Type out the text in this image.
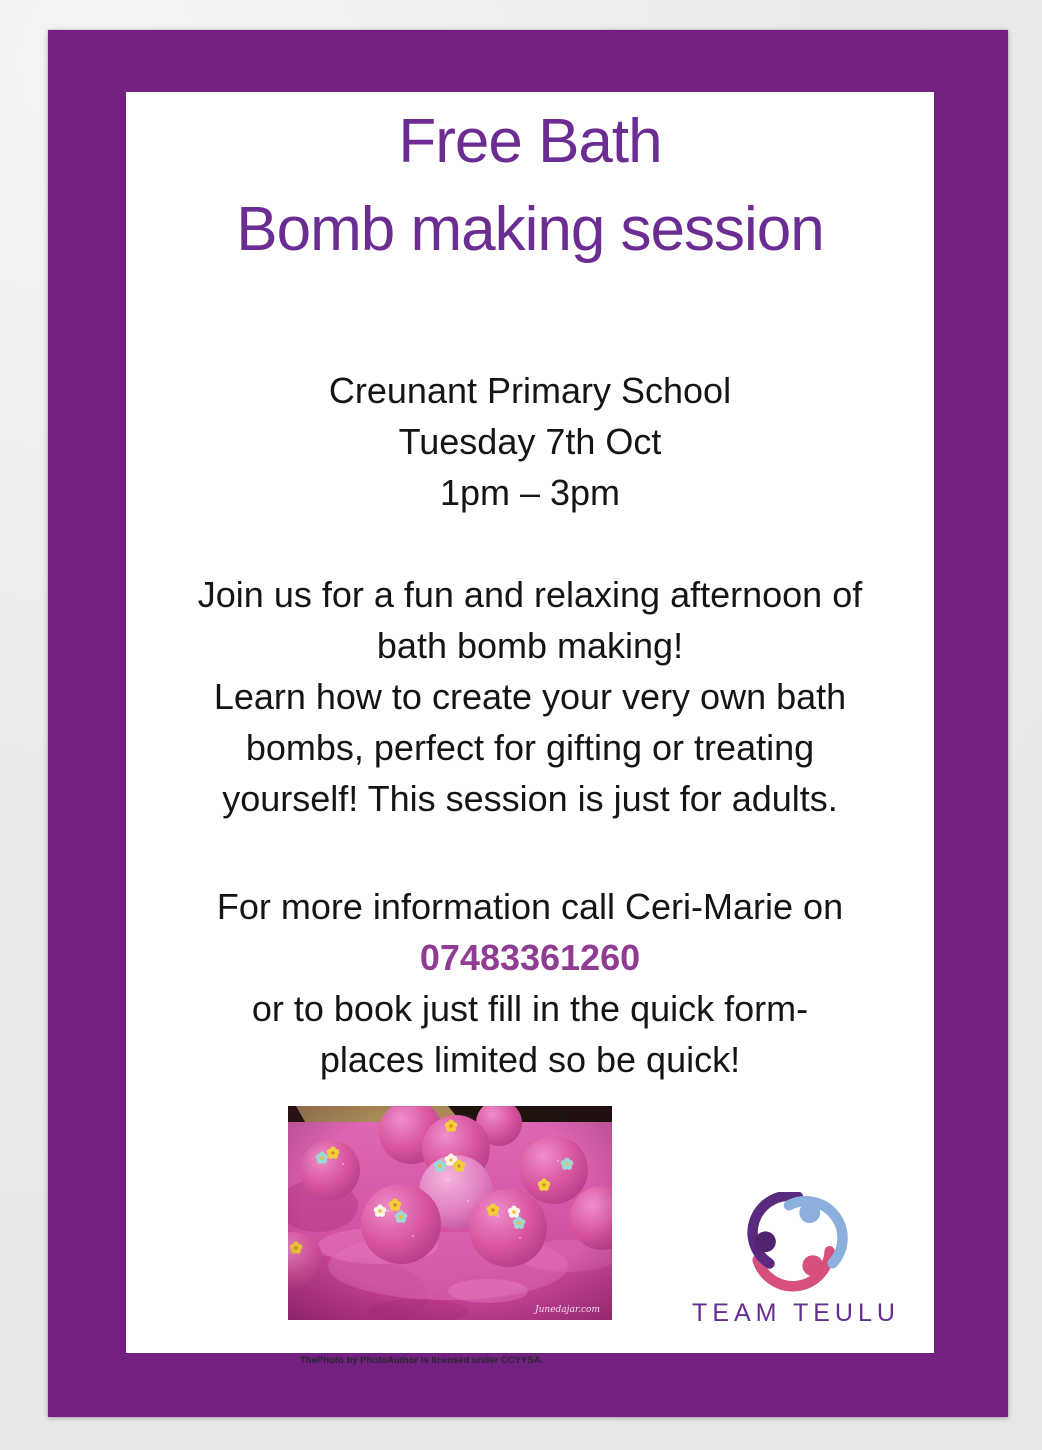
Free Bath
Bomb making session
Creunant Primary School
Tuesday 7th Oct
1pm – 3pm
Join us for a fun and relaxing afternoon of
bath bomb making!
Learn how to create your very own bath
bombs, perfect for gifting or treating
yourself! This session is just for adults.
For more information call Ceri-Marie on
07483361260
or to book just fill in the quick form-
places limited so be quick!
Junedajar.com	TEAM TEULU
ThePhoto by PhotoAuthor is licensed under CCYYSA.
